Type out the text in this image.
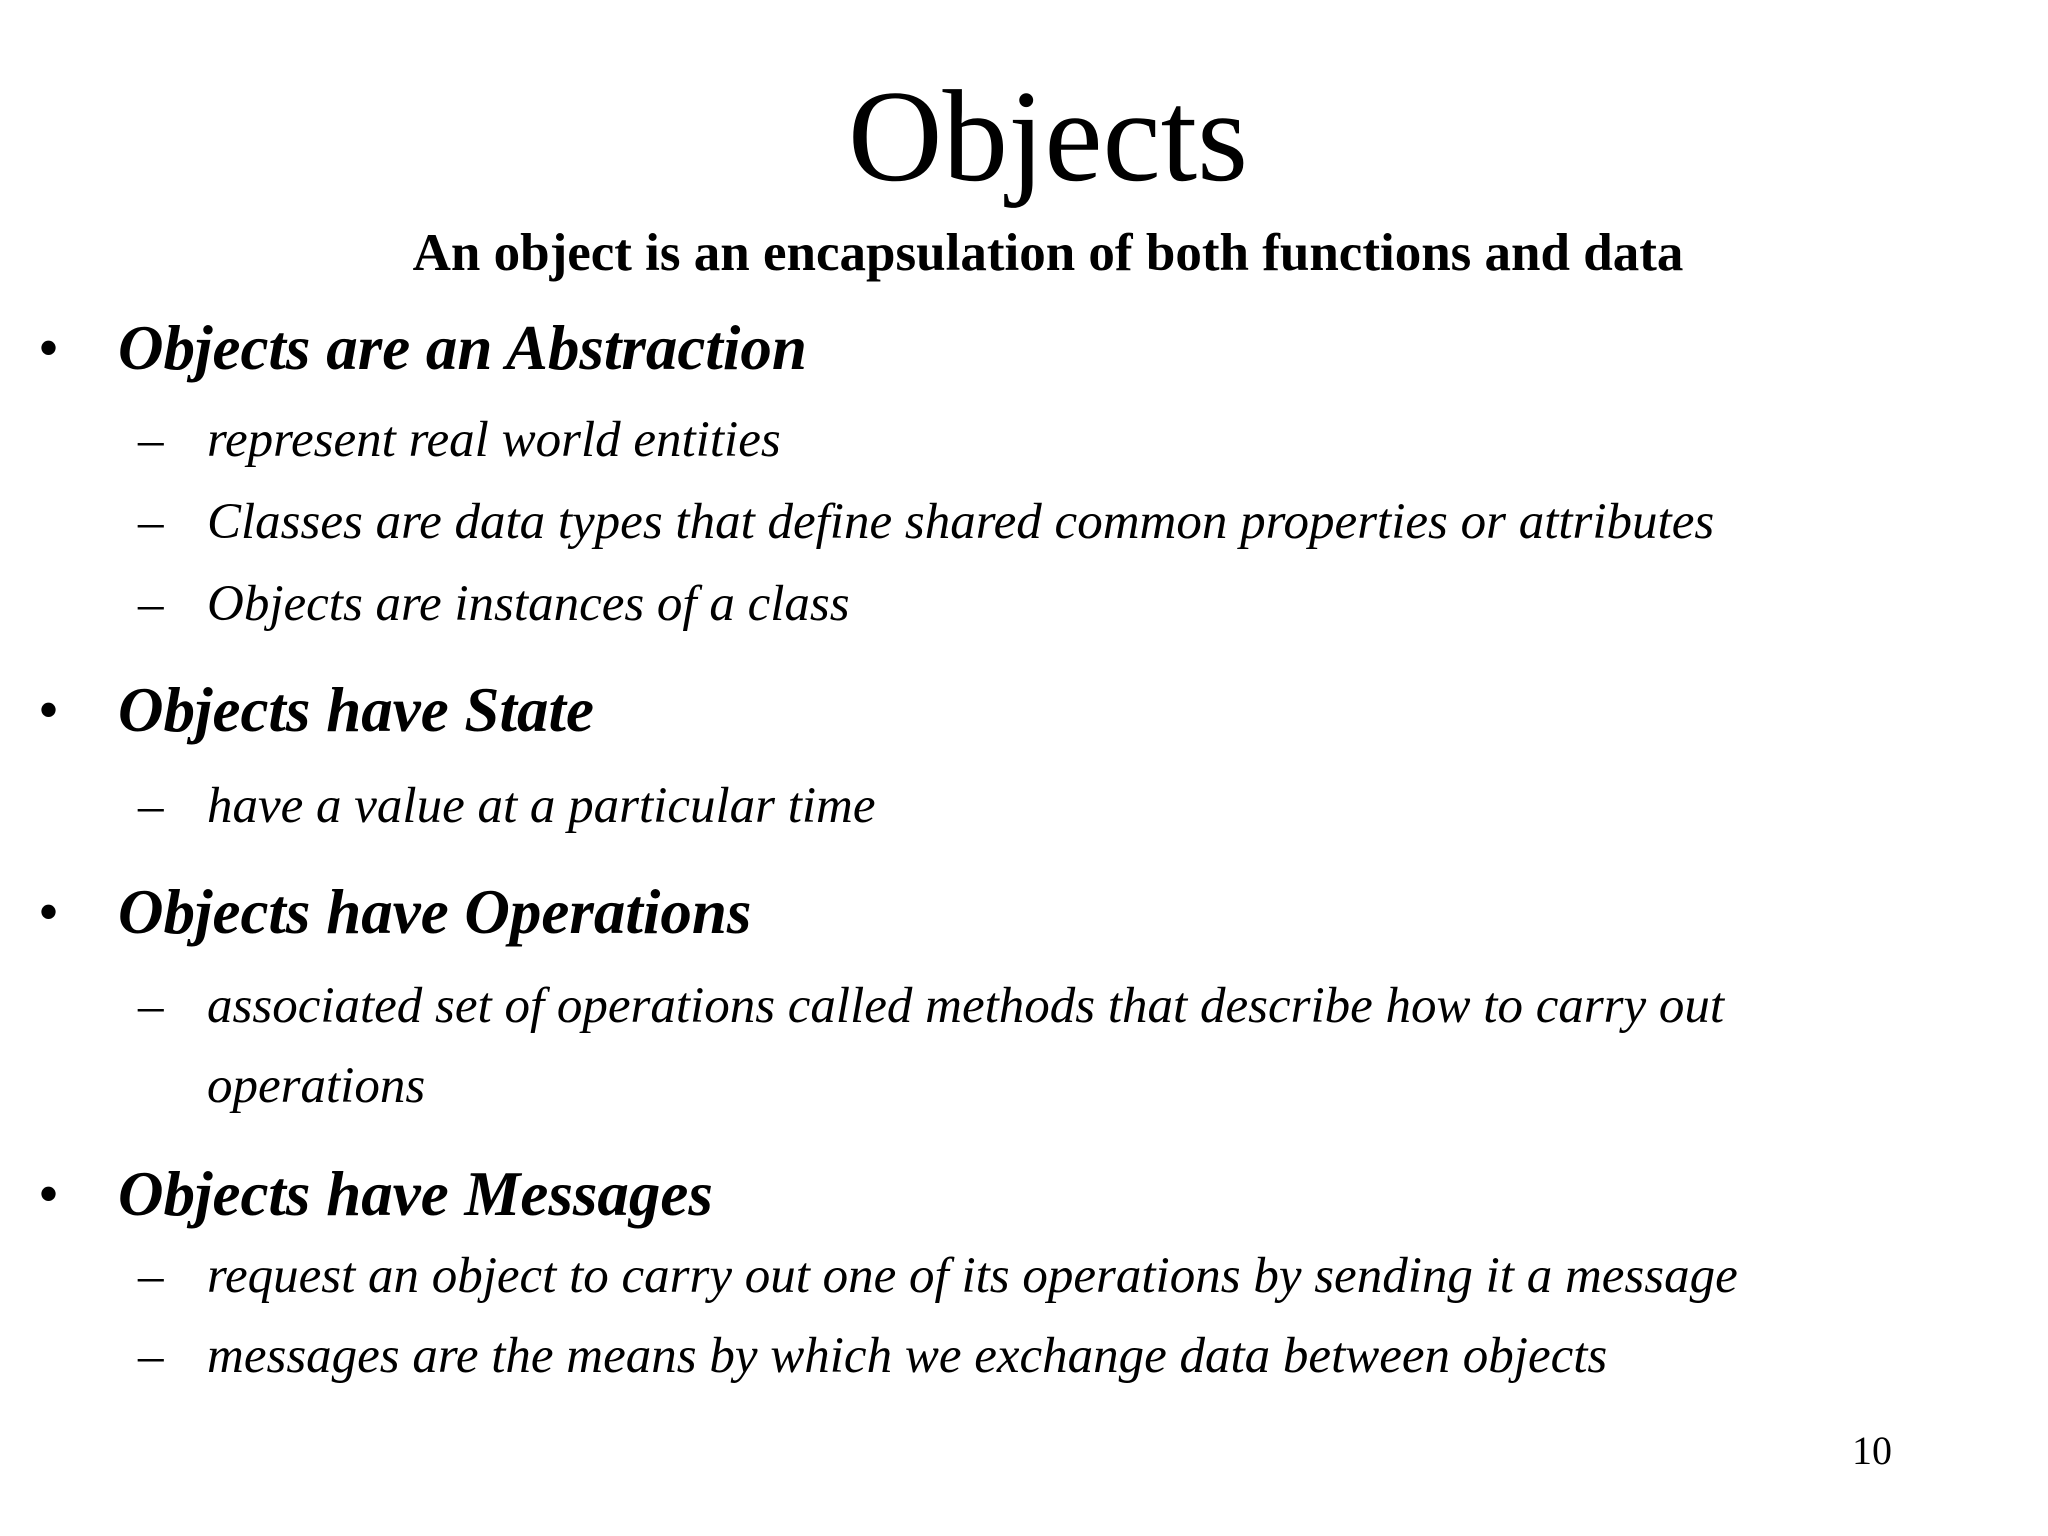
Objects
An object is an encapsulation of both functions and data
• Objects are an Abstraction
– represent real world entities
– Classes are data types that define shared common properties or attributes
– Objects are instances of a class
• Objects have State
– have a value at a particular time
• Objects have Operations
– associated set of operations called methods that describe how to carry out
operations
• Objects have Messages
– request an object to carry out one of its operations by sending it a message
– messages are the means by which we exchange data between objects
10
